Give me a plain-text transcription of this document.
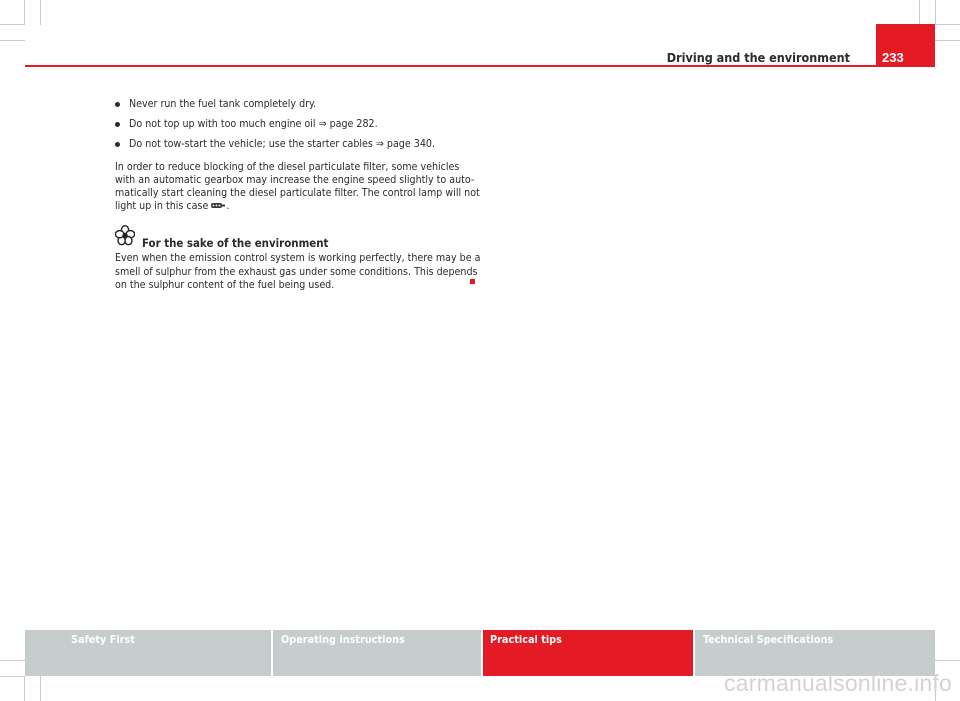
233
Driving and the environment
Never run the fuel tank completely dry.
Do not top up with too much engine oil ⇒ page 282.
Do not tow-start the vehicle; use the starter cables ⇒ page 340.

In order to reduce blocking of the diesel particulate filter, some vehicles
with an automatic gearbox may increase the engine speed slightly to auto-
matically start cleaning the diesel particulate filter. The control lamp will not
light up in this case .

For the sake of the environment

Even when the emission control system is working perfectly, there may be a
smell of sulphur from the exhaust gas under some conditions. This depends
on the sulphur content of the fuel being used.

Safety First	Operating instructions	Practical tips	Technical Specifications
carmanualsonline.info
